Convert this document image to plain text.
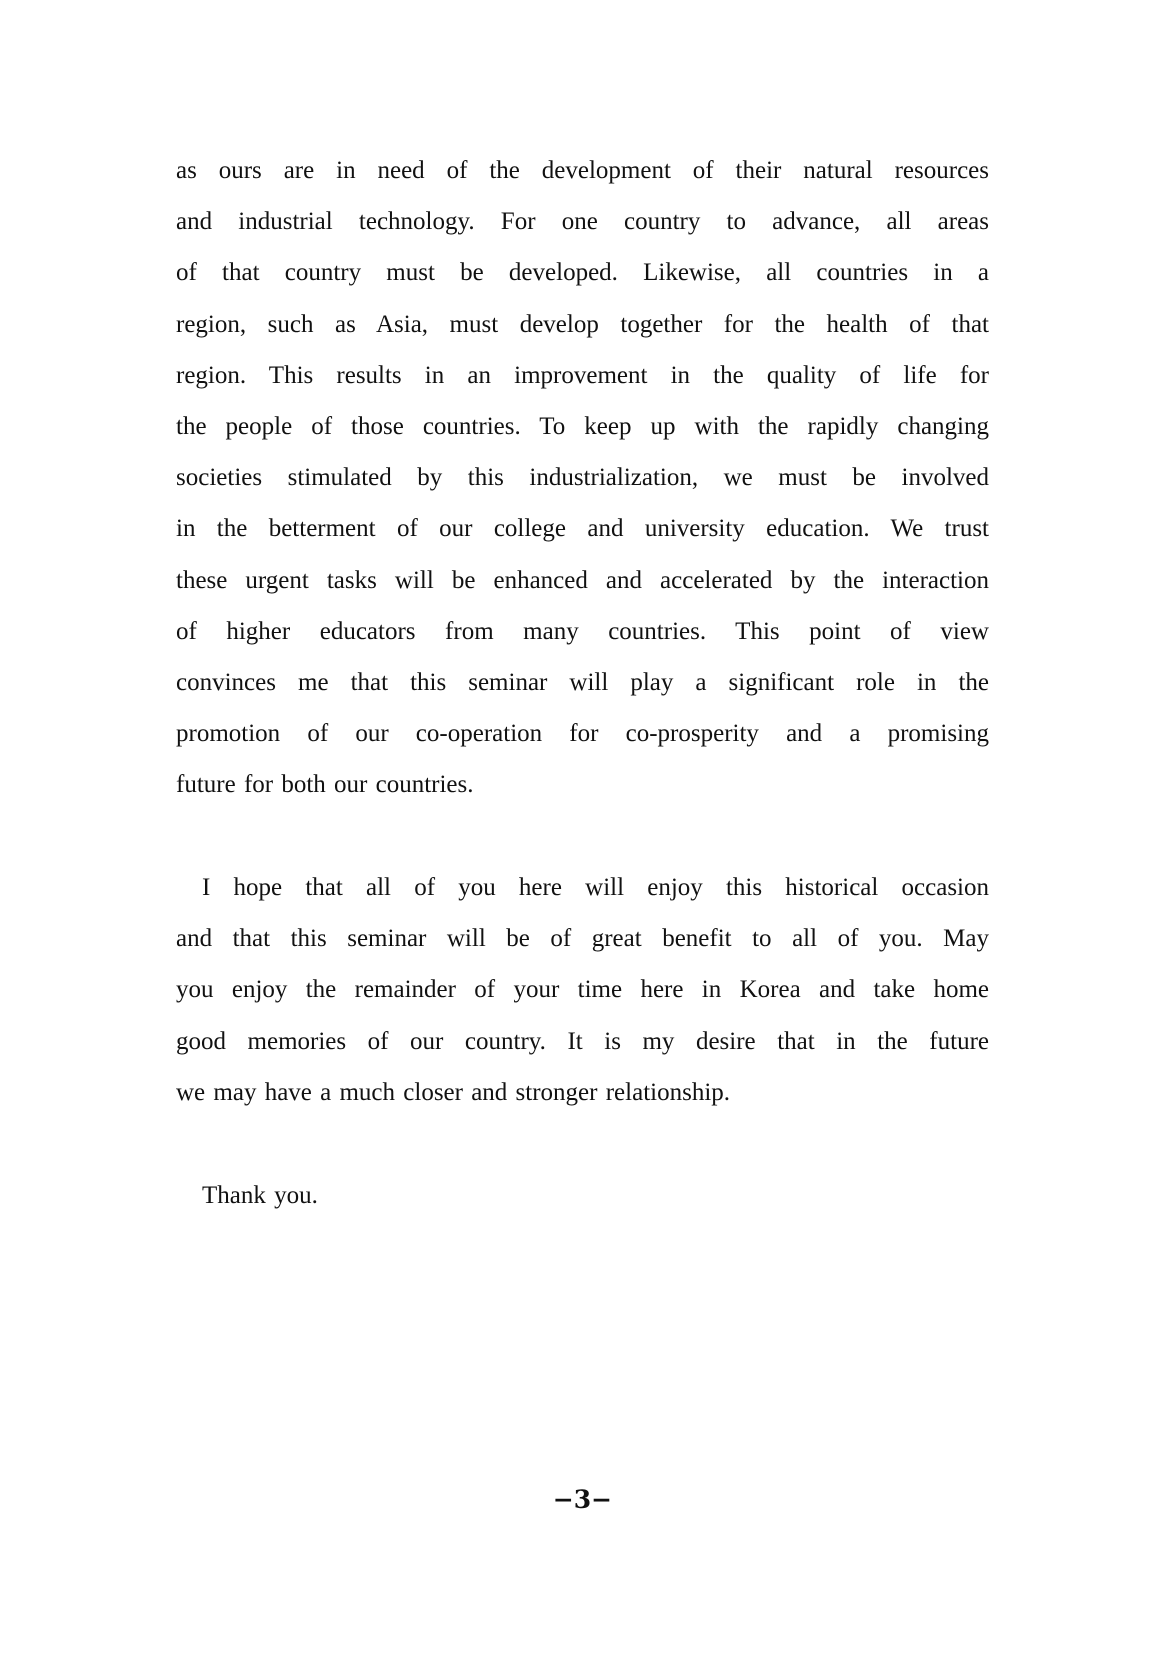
as ours are in need of the development of their natural resources
and industrial technology. For one country to advance, all areas
of that country must be developed. Likewise, all countries in a
region, such as Asia, must develop together for the health of that
region. This results in an improvement in the quality of life for
the people of those countries. To keep up with the rapidly changing
societies stimulated by this industrialization, we must be involved
in the betterment of our college and university education. We trust
these urgent tasks will be enhanced and accelerated by the interaction
of higher educators from many countries. This point of view
convinces me that this seminar will play a significant role in the
promotion of our co-operation for co-prosperity and a promising
future for both our countries.
I hope that all of you here will enjoy this historical occasion
and that this seminar will be of great benefit to all of you. May
you enjoy the remainder of your time here in Korea and take home
good memories of our country. It is my desire that in the future
we may have a much closer and stronger relationship.
Thank you.
−3−
